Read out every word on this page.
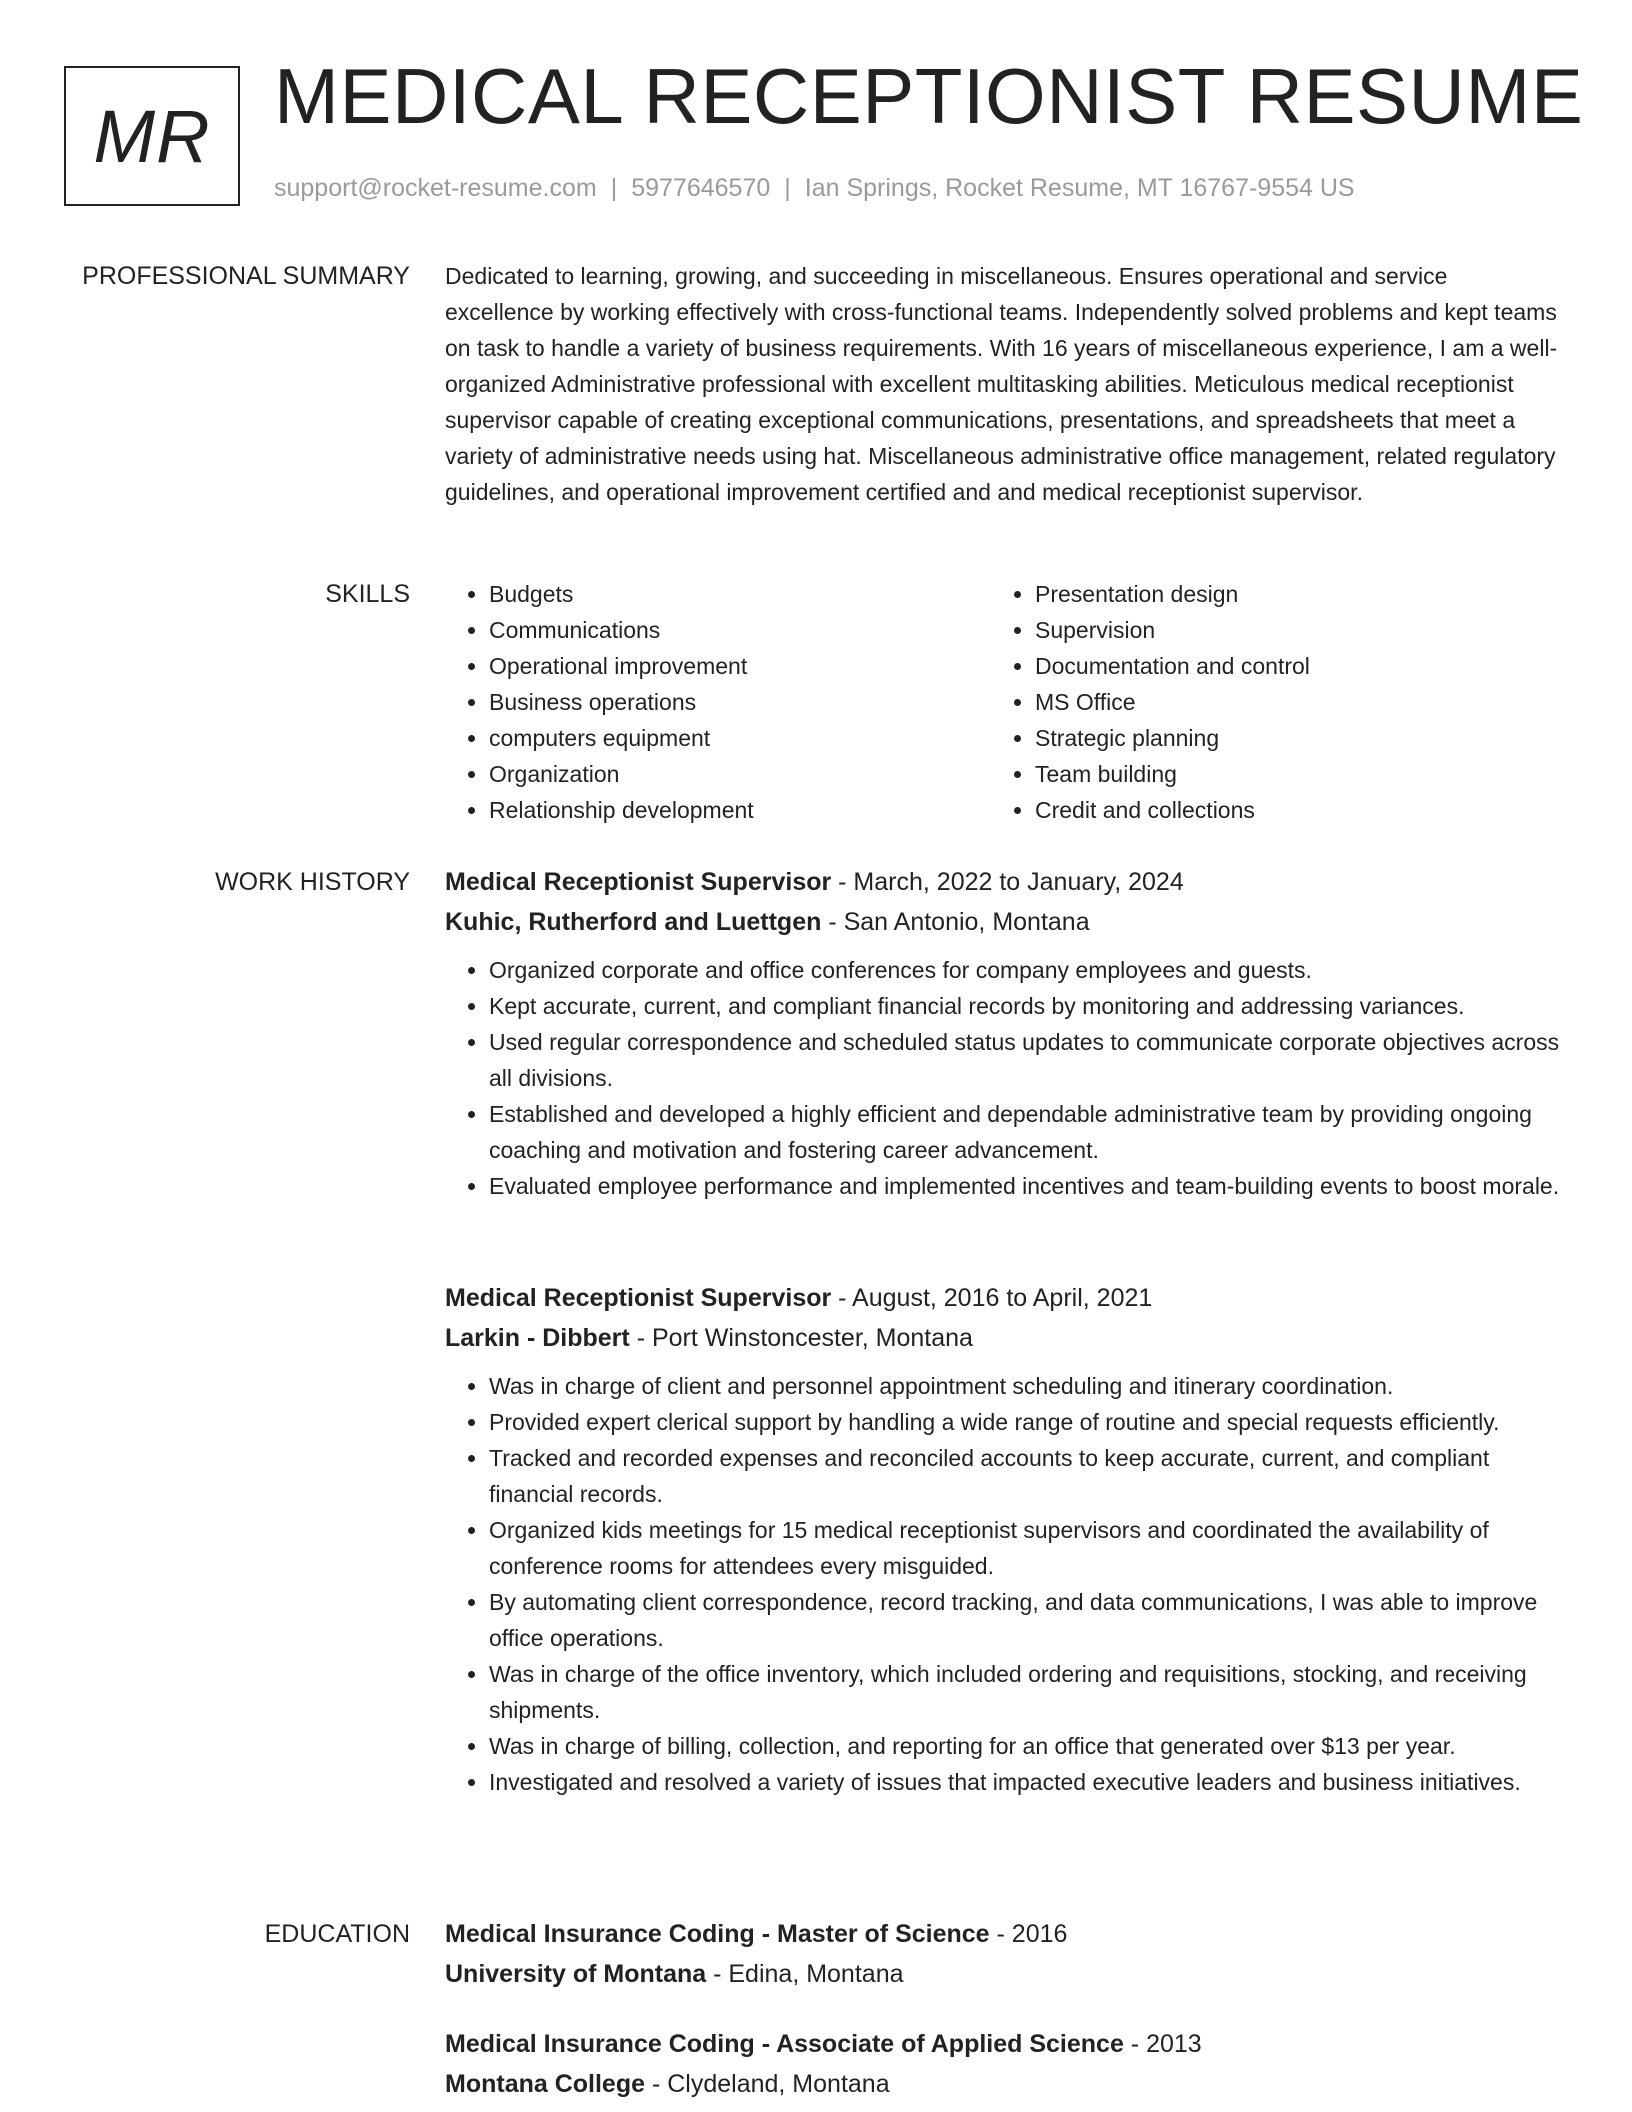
MR MEDICAL RECEPTIONIST RESUME
support@rocket-resume.com | 5977646570 | Ian Springs, Rocket Resume, MT 16767-9554 US
PROFESSIONAL SUMMARY Dedicated to learning, growing, and succeeding in miscellaneous. Ensures operational and service excellence by working effectively with cross-functional teams. Independently solved problems and kept teams on task to handle a variety of business requirements. With 16 years of miscellaneous experience, I am a well-organized Administrative professional with excellent multitasking abilities. Meticulous medical receptionist supervisor capable of creating exceptional communications, presentations, and spreadsheets that meet a variety of administrative needs using hat. Miscellaneous administrative office management, related regulatory guidelines, and operational improvement certified and and medical receptionist supervisor.

SKILLS
•	Budgets
• Communications
• Operational improvement
• Business operations
• computers equipment
• Organization
• Relationship development
• Presentation design
• Supervision
• Documentation and control
• MS Office
• Strategic planning
• Team building
• Credit and collections
WORK HISTORY Medical Receptionist Supervisor - March, 2022 to January, 2024
Kuhic, Rutherford and Luettgen - San Antonio, Montana
• Organized corporate and office conferences for company employees and guests.
• Kept accurate, current, and compliant financial records by monitoring and addressing variances.
• Used regular correspondence and scheduled status updates to communicate corporate objectives across all divisions.
• Established and developed a highly efficient and dependable administrative team by providing ongoing coaching and motivation and fostering career advancement.
• Evaluated employee performance and implemented incentives and team-building events to boost morale.
Medical Receptionist Supervisor - August, 2016 to April, 2021
Larkin - Dibbert - Port Winstoncester, Montana
• Was in charge of client and personnel appointment scheduling and itinerary coordination.
• Provided expert clerical support by handling a wide range of routine and special requests efficiently.
• Tracked and recorded expenses and reconciled accounts to keep accurate, current, and compliant financial records.
• Organized kids meetings for 15 medical receptionist supervisors and coordinated the availability of conference rooms for attendees every misguided.
• By automating client correspondence, record tracking, and data communications, I was able to improve office operations.
• Was in charge of the office inventory, which included ordering and requisitions, stocking, and receiving shipments.
• Was in charge of billing, collection, and reporting for an office that generated over $13 per year.
• Investigated and resolved a variety of issues that impacted executive leaders and business initiatives.
EDUCATION Medical Insurance Coding - Master of Science - 2016
University of Montana - Edina, Montana
Medical Insurance Coding - Associate of Applied Science - 2013
Montana College - Clydeland, Montana
